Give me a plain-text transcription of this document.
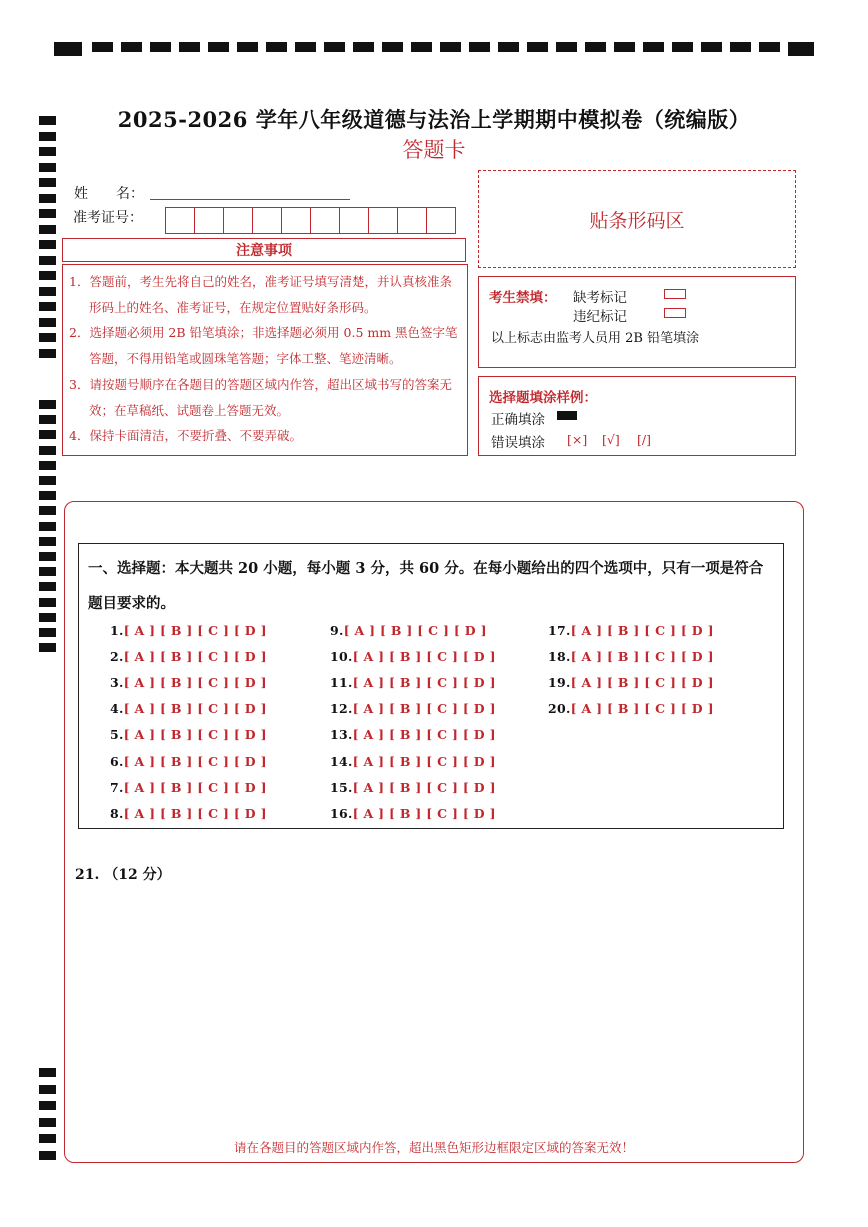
2025-2026 学年八年级道德与法治上学期期中模拟卷（统编版）
答题卡
姓　　名：
准考证号：
注意事项
1．答题前，考生先将自己的姓名，准考证号填写清楚，并认真核准条形码上的姓名、准考证号，在规定位置贴好条形码。
2．选择题必须用 2B 铅笔填涂；非选择题必须用 0.5 mm 黑色签字笔答题，不得用铅笔或圆珠笔答题；字体工整、笔迹清晰。
3．请按题号顺序在各题目的答题区域内作答，超出区域书写的答案无效；在草稿纸、试题卷上答题无效。
4．保持卡面清洁，不要折叠、不要弄破。
贴条形码区
考生禁填： 缺考标记
违纪标记
以上标志由监考人员用 2B 铅笔填涂
选择题填涂样例：
正确填涂
错误填涂 [×] [√] [/]
一、选择题：本大题共 20 小题，每小题 3 分，共 60 分。在每小题给出的四个选项中，只有一项是符合
题目要求的。
1.[ A ] [ B ] [ C ] [ D ]
2.[ A ] [ B ] [ C ] [ D ]
3.[ A ] [ B ] [ C ] [ D ]
4.[ A ] [ B ] [ C ] [ D ]
5.[ A ] [ B ] [ C ] [ D ]
6.[ A ] [ B ] [ C ] [ D ]
7.[ A ] [ B ] [ C ] [ D ]
8.[ A ] [ B ] [ C ] [ D ]
9.[ A ] [ B ] [ C ] [ D ]
10.[ A ] [ B ] [ C ] [ D ]
11.[ A ] [ B ] [ C ] [ D ]
12.[ A ] [ B ] [ C ] [ D ]
13.[ A ] [ B ] [ C ] [ D ]
14.[ A ] [ B ] [ C ] [ D ]
15.[ A ] [ B ] [ C ] [ D ]
16.[ A ] [ B ] [ C ] [ D ]
17.[ A ] [ B ] [ C ] [ D ]
18.[ A ] [ B ] [ C ] [ D ]
19.[ A ] [ B ] [ C ] [ D ]
20.[ A ] [ B ] [ C ] [ D ]
21. （12 分）
请在各题目的答题区域内作答，超出黑色矩形边框限定区域的答案无效！
